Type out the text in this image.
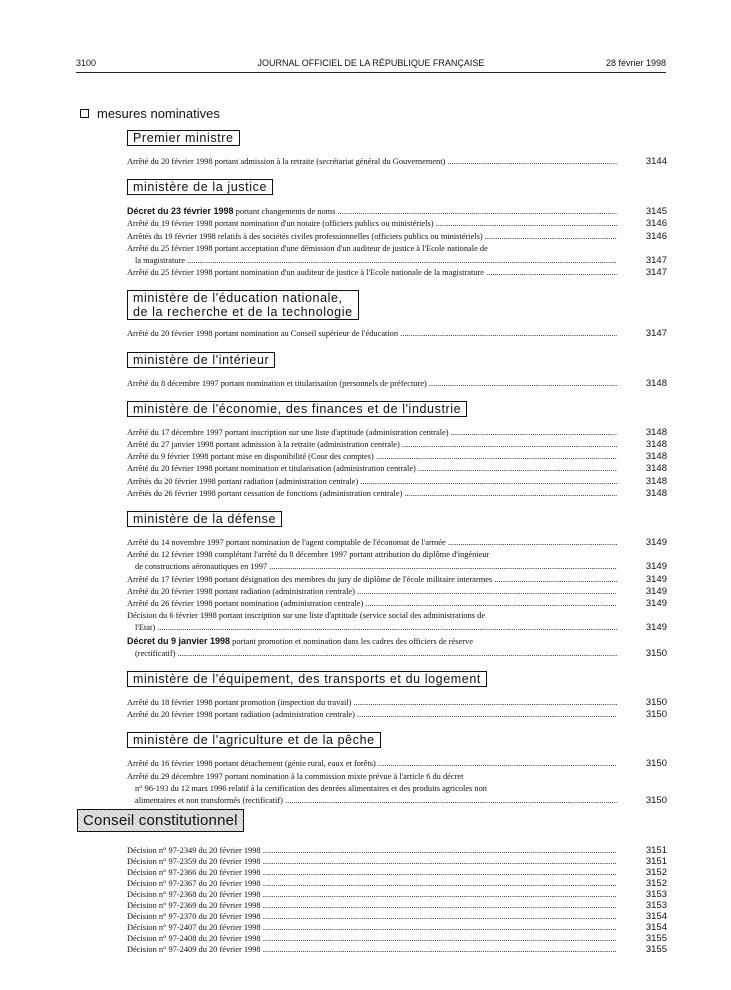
3100	JOURNAL OFFICIEL DE LA RÉPUBLIQUE FRANÇAISE	28 février 1998
mesures nominatives
Premier ministre
Arrêté du 20 février 1998 portant admission à la retraite (secrétariat général du Gouvernement) .....	3144
ministère de la justice
Décret du 23 février 1998 portant changements de noms .....	3145
Arrêté du 19 février 1998 portant nomination d'un notaire (officiers publics ou ministériels) .....	3146
Arrêtés du 19 février 1998 relatifs à des sociétés civiles professionnelles (officiers publics ou ministériels) .....	3146
Arrêté du 25 février 1998 portant acceptation d'une démission d'un auditeur de justice à l'Ecole nationale de
la magistrature .....	3147
Arrêté du 25 février 1998 portant nomination d'un auditeur de justice à l'Ecole nationale de la magistrature .....	3147
ministère de l'éducation nationale,
de la recherche et de la technologie
Arrêté du 20 février 1998 portant nomination au Conseil supérieur de l'éducation .....	3147
ministère de l'intérieur
Arrêté du 8 décembre 1997 portant nomination et titularisation (personnels de préfecture) .....	3148
ministère de l'économie, des finances et de l'industrie
Arrêté du 17 décembre 1997 portant inscription sur une liste d'aptitude (administration centrale) .....	3148
Arrêté du 27 janvier 1998 portant admission à la retraite (administration centrale) .....	3148
Arrêté du 9 février 1998 portant mise en disponibilité (Cour des comptes) .....	3148
Arrêté du 20 février 1998 portant nomination et titularisation (administration centrale) .....	3148
Arrêtés du 20 février 1998 portant radiation (administration centrale) .....	3148
Arrêtés du 26 février 1998 portant cessation de fonctions (administration centrale) .....	3148
ministère de la défense
Arrêté du 14 novembre 1997 portant nomination de l'agent comptable de l'économat de l'armée .....	3149
Arrêté du 12 février 1998 complétant l'arrêté du 8 décembre 1997 portant attribution du diplôme d'ingénieur
de constructions aéronautiques en 1997 .....	3149
Arrêté du 17 février 1998 portant désignation des membres du jury de diplôme de l'école militaire interarmes .....	3149
Arrêté du 20 février 1998 portant radiation (administration centrale) .....	3149
Arrêté du 26 février 1998 portant nomination (administration centrale) .....	3149
Décision du 6 février 1998 portant inscription sur une liste d'aptitude (service social des administrations de
l'Etat) .....	3149
Décret du 9 janvier 1998 portant promotion et nomination dans les cadres des officiers de réserve
(rectificatif) .....	3150
ministère de l'équipement, des transports et du logement
Arrêté du 18 février 1998 portant promotion (inspection du travail) .....	3150
Arrêté du 20 février 1998 portant radiation (administration centrale) .....	3150
ministère de l'agriculture et de la pêche
Arrêté du 16 février 1998 portant détachement (génie rural, eaux et forêts) .....	3150
Arrêté du 29 décembre 1997 portant nomination à la commission mixte prévue à l'article 6 du décret
n° 96-193 du 12 mars 1996 relatif à la certification des denrées alimentaires et des produits agricoles non
alimentaires et non transformés (rectificatif) .....	3150
Conseil constitutionnel
Décision n° 97-2349 du 20 février 1998 .....	3151
Décision n° 97-2359 du 20 février 1998 .....	3151
Décision n° 97-2366 du 20 février 1998 .....	3152
Décision n° 97-2367 du 20 février 1998 .....	3152
Décision n° 97-2368 du 20 février 1998 .....	3153
Décision n° 97-2369 du 20 février 1998 .....	3153
Décision n° 97-2370 du 20 février 1998 .....	3154
Décision n° 97-2407 du 20 février 1998 .....	3154
Décision n° 97-2408 du 20 février 1998 .....	3155
Décision n° 97-2409 du 20 février 1998 .....	3155
